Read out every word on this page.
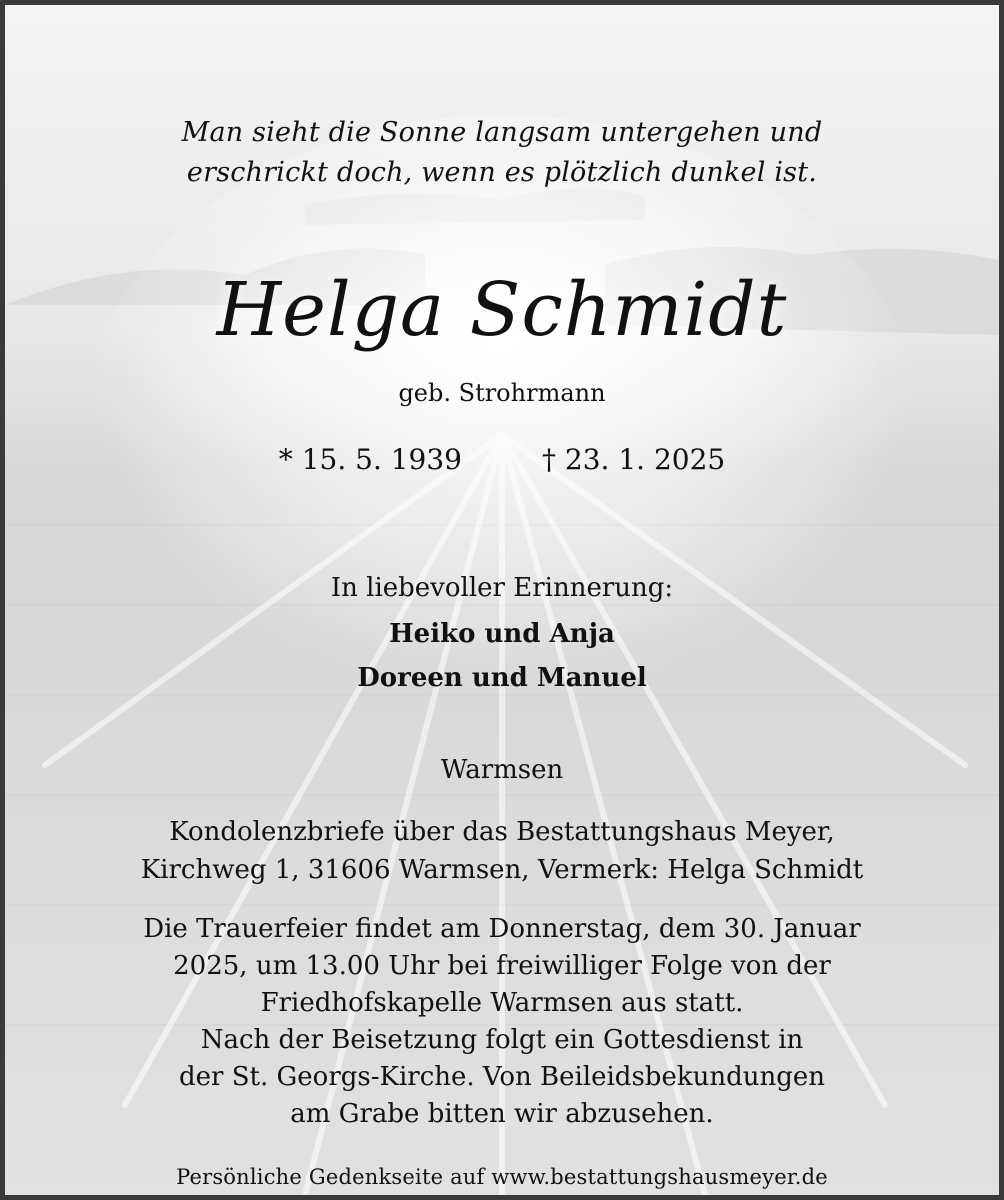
Man sieht die Sonne langsam untergehen und
erschrickt doch, wenn es plötzlich dunkel ist.
Helga Schmidt
geb. Strohrmann
* 15. 5. 1939	† 23. 1. 2025
In liebevoller Erinnerung:
Heiko und Anja
Doreen und Manuel
Warmsen
Kondolenzbriefe über das Bestattungshaus Meyer,
Kirchweg 1, 31606 Warmsen, Vermerk: Helga Schmidt
Die Trauerfeier findet am Donnerstag, dem 30. Januar
2025, um 13.00 Uhr bei freiwilliger Folge von der
Friedhofskapelle Warmsen aus statt.
Nach der Beisetzung folgt ein Gottesdienst in
der St. Georgs-Kirche. Von Beileidsbekundungen
am Grabe bitten wir abzusehen.
Persönliche Gedenkseite auf www.bestattungshausmeyer.de
